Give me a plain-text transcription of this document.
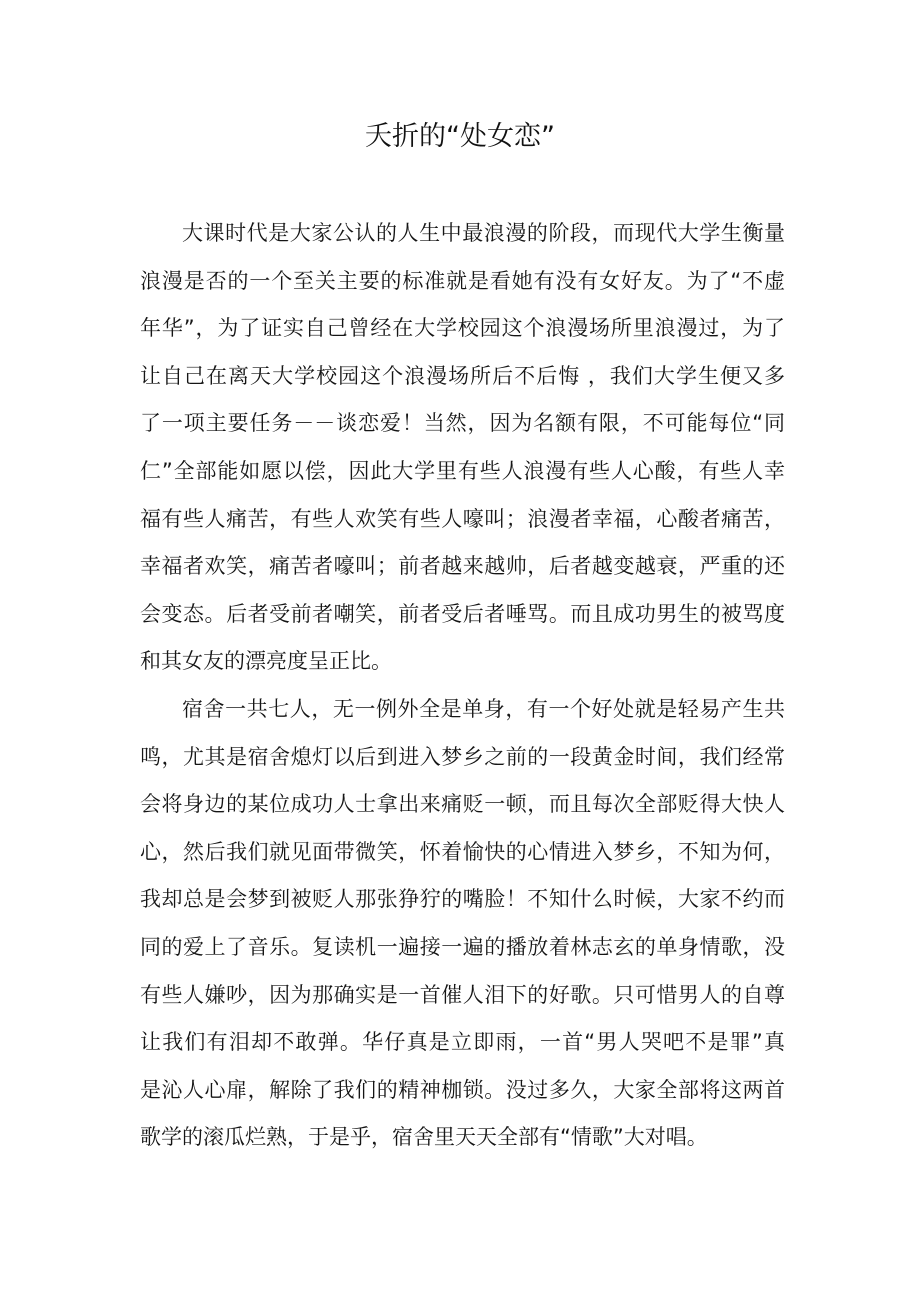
夭折的“处女恋”
大课时代是大家公认的人生中最浪漫的阶段，而现代大学生衡量
浪漫是否的一个至关主要的标准就是看她有没有女好友。为了“不虚
年华”，为了证实自己曾经在大学校园这个浪漫场所里浪漫过，为了
让自己在离天大学校园这个浪漫场所后不后悔 ，我们大学生便又多
了一项主要任务－－谈恋爱！当然，因为名额有限，不可能每位“同
仁”全部能如愿以偿，因此大学里有些人浪漫有些人心酸，有些人幸
福有些人痛苦，有些人欢笑有些人嚎叫；浪漫者幸福，心酸者痛苦，
幸福者欢笑，痛苦者嚎叫；前者越来越帅，后者越变越衰，严重的还
会变态。后者受前者嘲笑，前者受后者唾骂。而且成功男生的被骂度
和其女友的漂亮度呈正比。
宿舍一共七人，无一例外全是单身，有一个好处就是轻易产生共
鸣，尤其是宿舍熄灯以后到进入梦乡之前的一段黄金时间，我们经常
会将身边的某位成功人士拿出来痛贬一顿，而且每次全部贬得大快人
心，然后我们就见面带微笑，怀着愉快的心情进入梦乡，不知为何，
我却总是会梦到被贬人那张狰狞的嘴脸！不知什么时候，大家不约而
同的爱上了音乐。复读机一遍接一遍的播放着林志玄的单身情歌，没
有些人嫌吵，因为那确实是一首催人泪下的好歌。只可惜男人的自尊
让我们有泪却不敢弹。华仔真是立即雨，一首“男人哭吧不是罪”真
是沁人心扉，解除了我们的精神枷锁。没过多久，大家全部将这两首
歌学的滚瓜烂熟，于是乎，宿舍里天天全部有“情歌”大对唱。
